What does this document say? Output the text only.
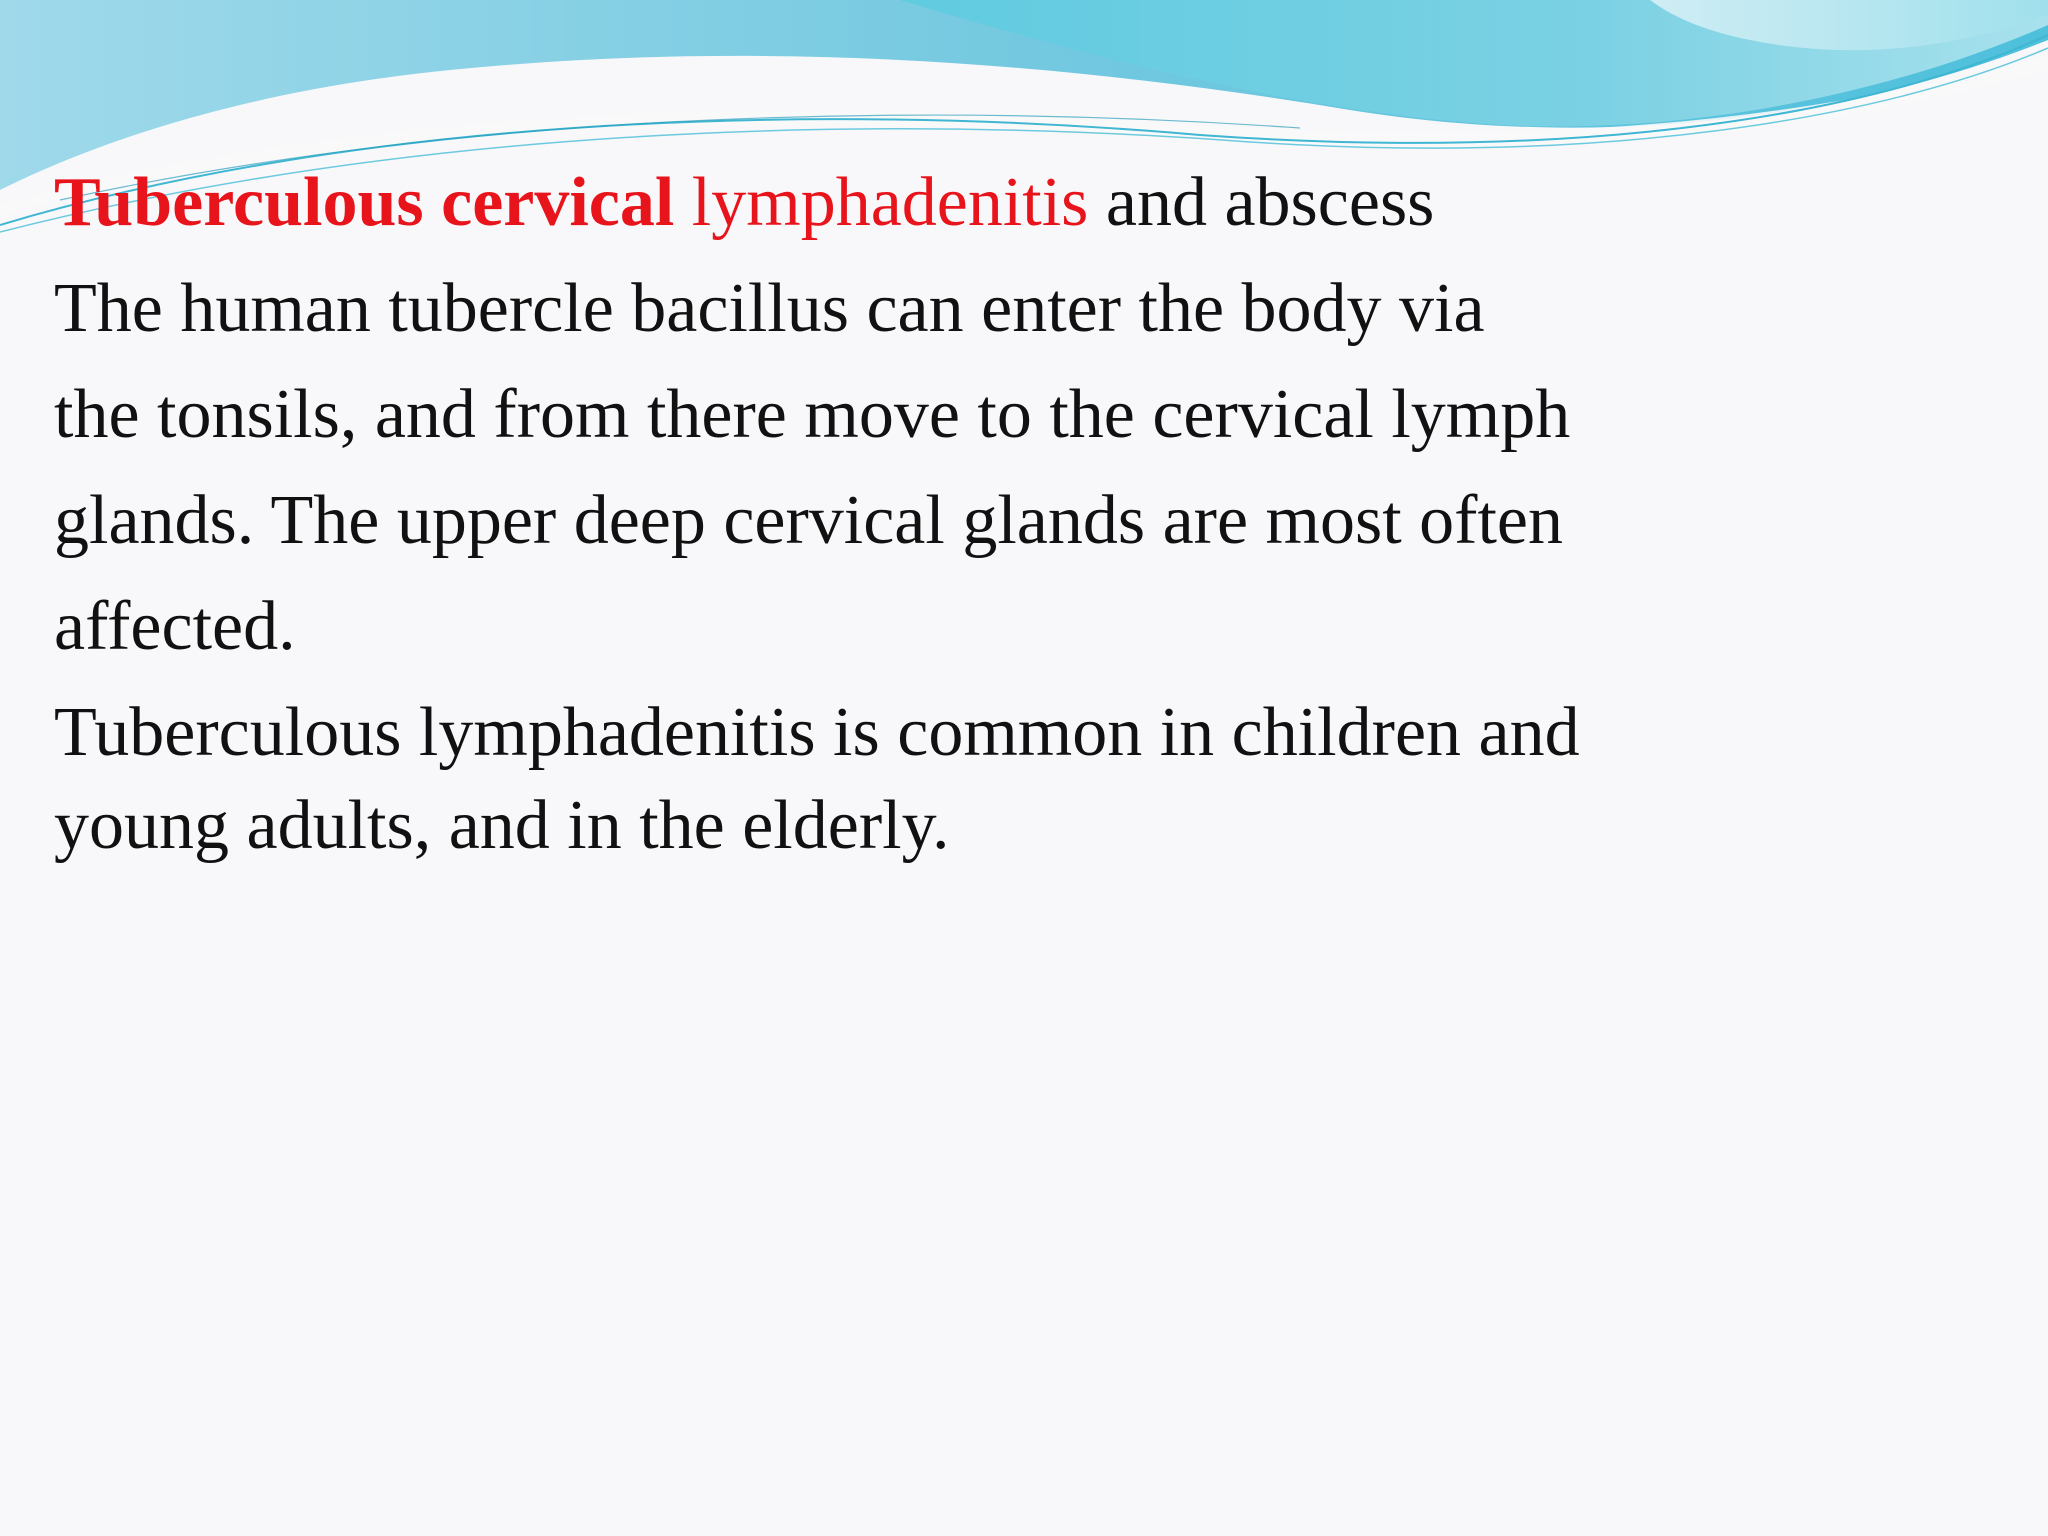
Tuberculous cervical lymphadenitis and abscess
The human tubercle bacillus can enter the body via
the tonsils, and from there move to the cervical lymph
glands. The upper deep cervical glands are most often
affected.
Tuberculous lymphadenitis is common in children and
young adults, and in the elderly.
